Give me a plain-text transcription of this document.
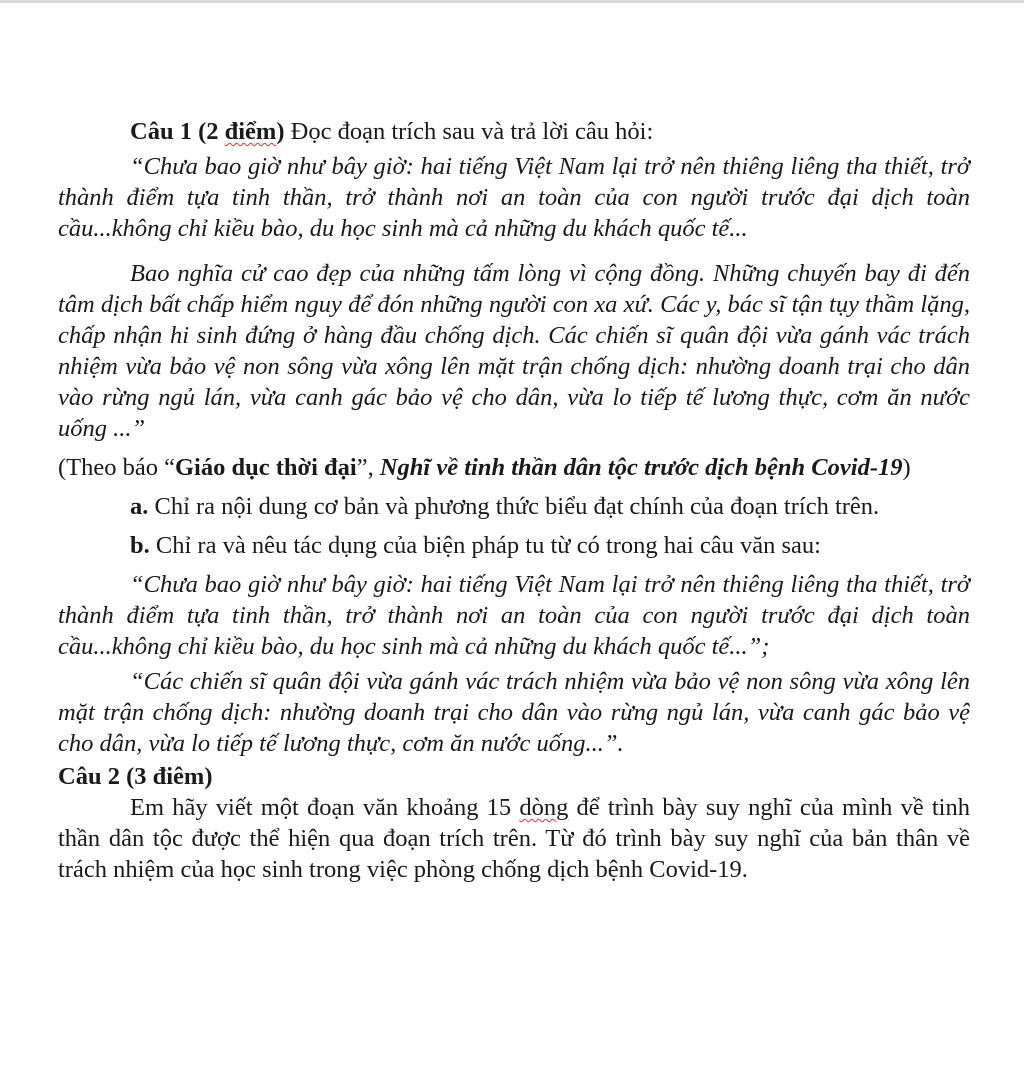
Câu 1 (2 điểm) Đọc đoạn trích sau và trả lời câu hỏi:

“Chưa bao giờ như bây giờ: hai tiếng Việt Nam lại trở nên thiêng liêng tha thiết, trở thành điểm tựa tinh thần, trở thành nơi an toàn của con người trước đại dịch toàn cầu...không chỉ kiều bào, du học sinh mà cả những du khách quốc tế...

Bao nghĩa cử cao đẹp của những tấm lòng vì cộng đồng. Những chuyến bay đi đến tâm dịch bất chấp hiểm nguy để đón những người con xa xứ. Các y, bác sĩ tận tụy thầm lặng, chấp nhận hi sinh đứng ở hàng đầu chống dịch. Các chiến sĩ quân đội vừa gánh vác trách nhiệm vừa bảo vệ non sông vừa xông lên mặt trận chống dịch: nhường doanh trại cho dân vào rừng ngủ lán, vừa canh gác bảo vệ cho dân, vừa lo tiếp tế lương thực, cơm ăn nước uống ...”

(Theo báo “Giáo dục thời đại”, Nghĩ về tinh thần dân tộc trước dịch bệnh Covid-19)

a. Chỉ ra nội dung cơ bản và phương thức biểu đạt chính của đoạn trích trên.

b. Chỉ ra và nêu tác dụng của biện pháp tu từ có trong hai câu văn sau:

“Chưa bao giờ như bây giờ: hai tiếng Việt Nam lại trở nên thiêng liêng tha thiết, trở thành điểm tựa tinh thần, trở thành nơi an toàn của con người trước đại dịch toàn cầu...không chỉ kiều bào, du học sinh mà cả những du khách quốc tế...”;

“Các chiến sĩ quân đội vừa gánh vác trách nhiệm vừa bảo vệ non sông vừa xông lên mặt trận chống dịch: nhường doanh trại cho dân vào rừng ngủ lán, vừa canh gác bảo vệ cho dân, vừa lo tiếp tế lương thực, cơm ăn nước uống...”.

Câu 2 (3 điêm)

Em hãy viết một đoạn văn khoảng 15 dòng để trình bày suy nghĩ của mình về tinh thần dân tộc được thể hiện qua đoạn trích trên. Từ đó trình bày suy nghĩ của bản thân về trách nhiệm của học sinh trong việc phòng chống dịch bệnh Covid-19.
